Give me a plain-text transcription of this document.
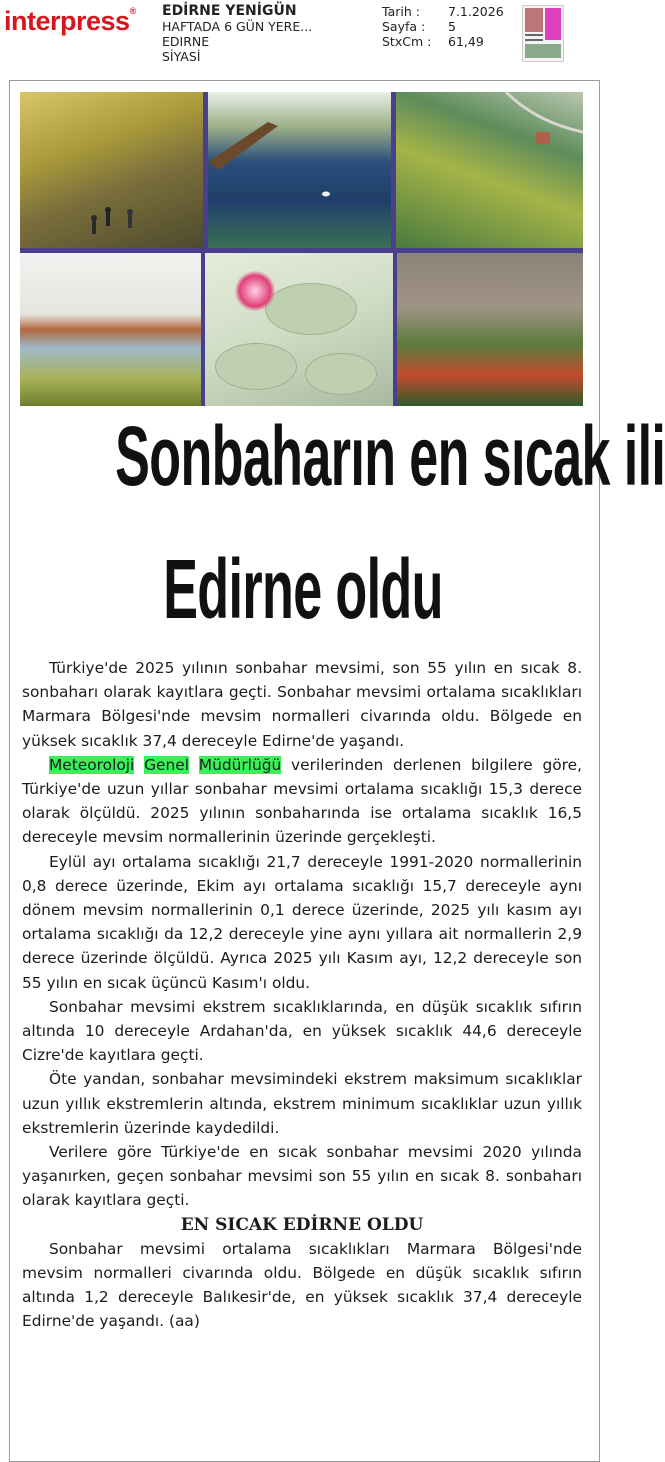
interpress® EDİRNE YENİGÜN
HAFTADA 6 GÜN YERE...
EDIRNE
SİYASİ
Tarih :	7.1.2026
Sayfa :	5
StxCm :	61,49
Sonbaharın en sıcak ili
Edirne oldu

Türkiye'de 2025 yılının sonbahar mevsimi, son 55 yılın en sıcak 8. sonbaharı olarak kayıtlara geçti. Sonbahar mevsimi ortalama sıcaklıkları Marmara Bölgesi'nde mevsim normalleri civarında oldu. Bölgede en yüksek sıcaklık 37,4 dereceyle Edirne'de yaşandı.

Meteoroloji Genel Müdürlüğü verilerinden derlenen bilgilere göre, Türkiye'de uzun yıllar sonbahar mevsimi ortalama sıcaklığı 15,3 derece olarak ölçüldü. 2025 yılının sonbaharında ise ortalama sıcaklık 16,5 dereceyle mevsim normallerinin üzerinde gerçekleşti.

Eylül ayı ortalama sıcaklığı 21,7 dereceyle 1991-2020 normallerinin 0,8 derece üzerinde, Ekim ayı ortalama sıcaklığı 15,7 dereceyle aynı dönem mevsim normallerinin 0,1 derece üzerinde, 2025 yılı kasım ayı ortalama sıcaklığı da 12,2 dereceyle yine aynı yıllara ait normallerin 2,9 derece üzerinde ölçüldü. Ayrıca 2025 yılı Kasım ayı, 12,2 dereceyle son 55 yılın en sıcak üçüncü Kasım'ı oldu.

Sonbahar mevsimi ekstrem sıcaklıklarında, en düşük sıcaklık sıfırın altında 10 dereceyle Ardahan'da, en yüksek sıcaklık 44,6 dereceyle Cizre'de kayıtlara geçti.

Öte yandan, sonbahar mevsimindeki ekstrem maksimum sıcaklıklar uzun yıllık ekstremlerin altında, ekstrem minimum sıcaklıklar uzun yıllık ekstremlerin üzerinde kaydedildi.

Verilere göre Türkiye'de en sıcak sonbahar mevsimi 2020 yılında yaşanırken, geçen sonbahar mevsimi son 55 yılın en sıcak 8. sonbaharı olarak kayıtlara geçti.

EN SICAK EDİRNE OLDU

Sonbahar mevsimi ortalama sıcaklıkları Marmara Bölgesi'nde mevsim normalleri civarında oldu. Bölgede en düşük sıcaklık sıfırın altında 1,2 dereceyle Balıkesir'de, en yüksek sıcaklık 37,4 dereceyle Edirne'de yaşandı. (aa)
